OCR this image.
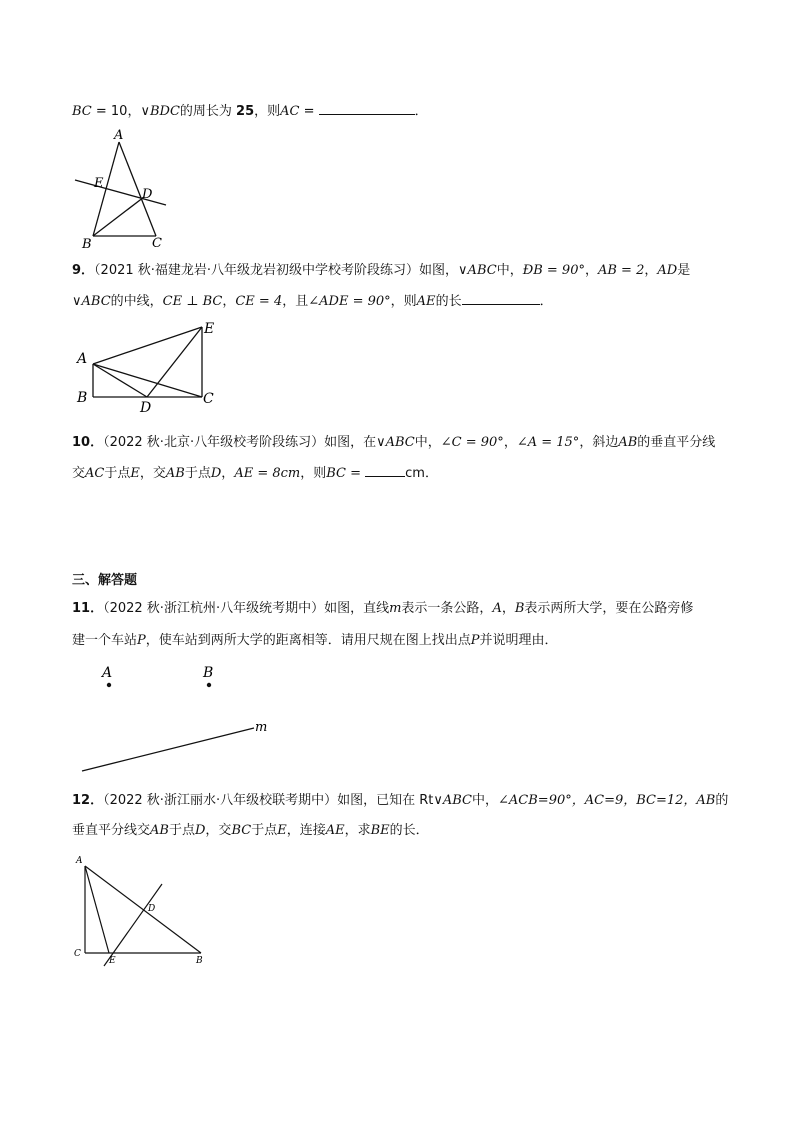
BC = 10，∨BDC的周长为 25，则AC =	．
A
E
D
B	C
9．（2021 秋·福建龙岩·八年级龙岩初级中学校考阶段练习）如图，∨ABC中，ÐB = 90°，AB = 2，AD是
∨ABC的中线，CE ⊥ BC，CE = 4，且∠ADE = 90°，则AE的长	．
A
B
D
C
E
10．（2022 秋·北京·八年级校考阶段练习）如图，在∨ABC中，∠C = 90°，∠A = 15°，斜边AB的垂直平分线
交AC于点E，交AB于点D，AE = 8cm，则BC =	cm．
三、解答题
11．（2022 秋·浙江杭州·八年级统考期中）如图，直线m表示一条公路，A，B表示两所大学，要在公路旁修
建一个车站P，使车站到两所大学的距离相等．请用尺规在图上找出点P并说明理由．
A	B
m
12．（2022 秋·浙江丽水·八年级校联考期中）如图，已知在 Rt∨ABC中，∠ACB=90°，AC=9，BC=12，AB的
垂直平分线交AB于点D，交BC于点E，连接AE，求BE的长．
A
D
C
E	B
